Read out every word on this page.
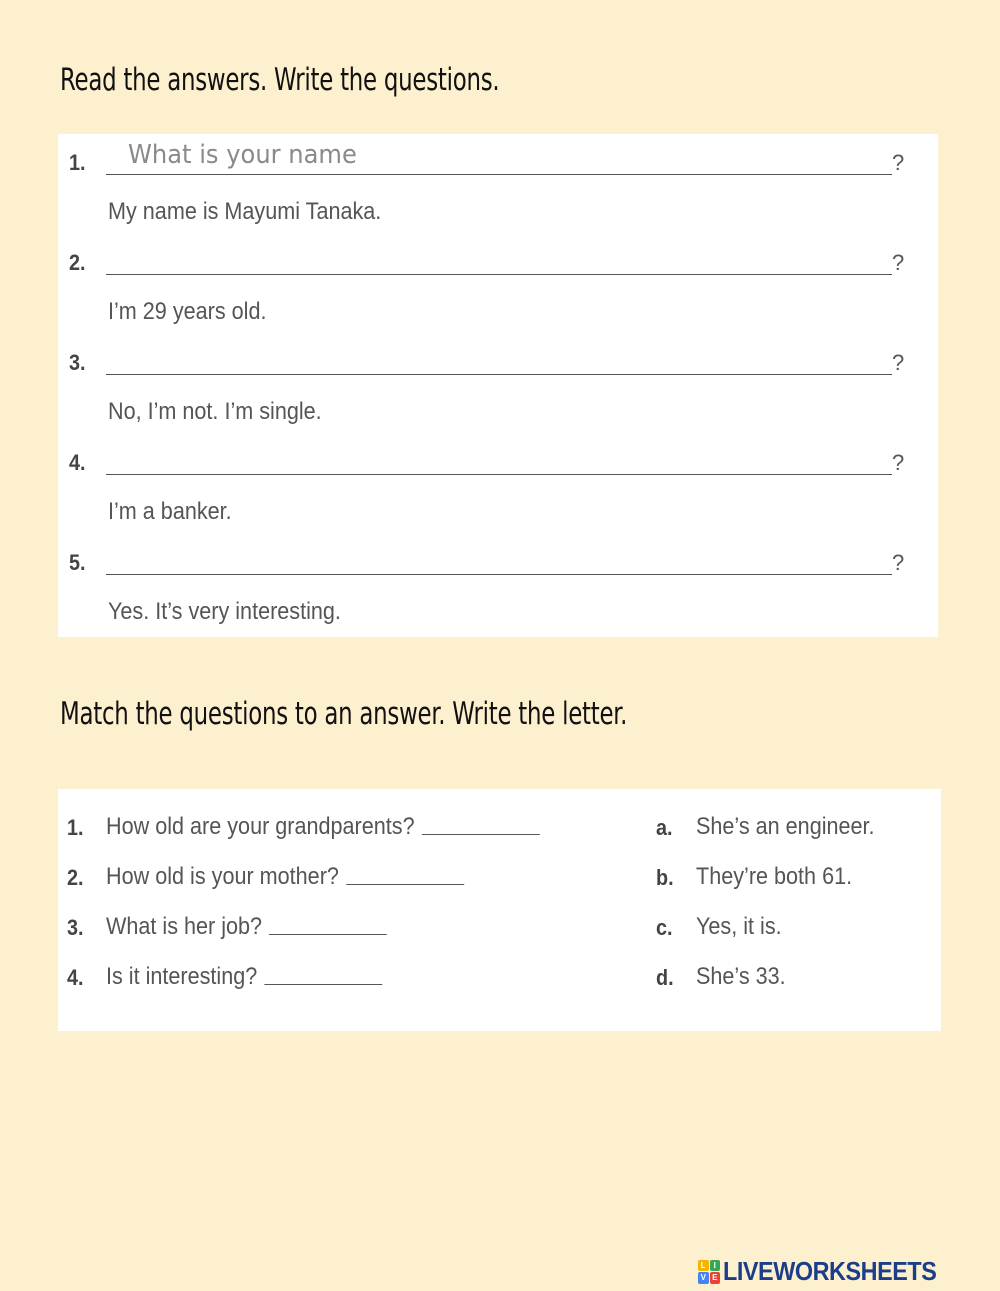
Read the answers. Write the questions.
1. What is your name	?
My name is Mayumi Tanaka.
2.	?
I’m 29 years old.
3.	?
No, I’m not. I’m single.
4.	?
I’m a banker.
5.	?
Yes. It’s very interesting.
Match the questions to an answer. Write the letter.
1. How old are your grandparents?	a. She’s an engineer.
2. How old is your mother?	b. They’re both 61.
3. What is her job?	c. Yes, it is.
4. Is it interesting?	d. She’s 33.
L I
V E LIVEWORKSHEETS
